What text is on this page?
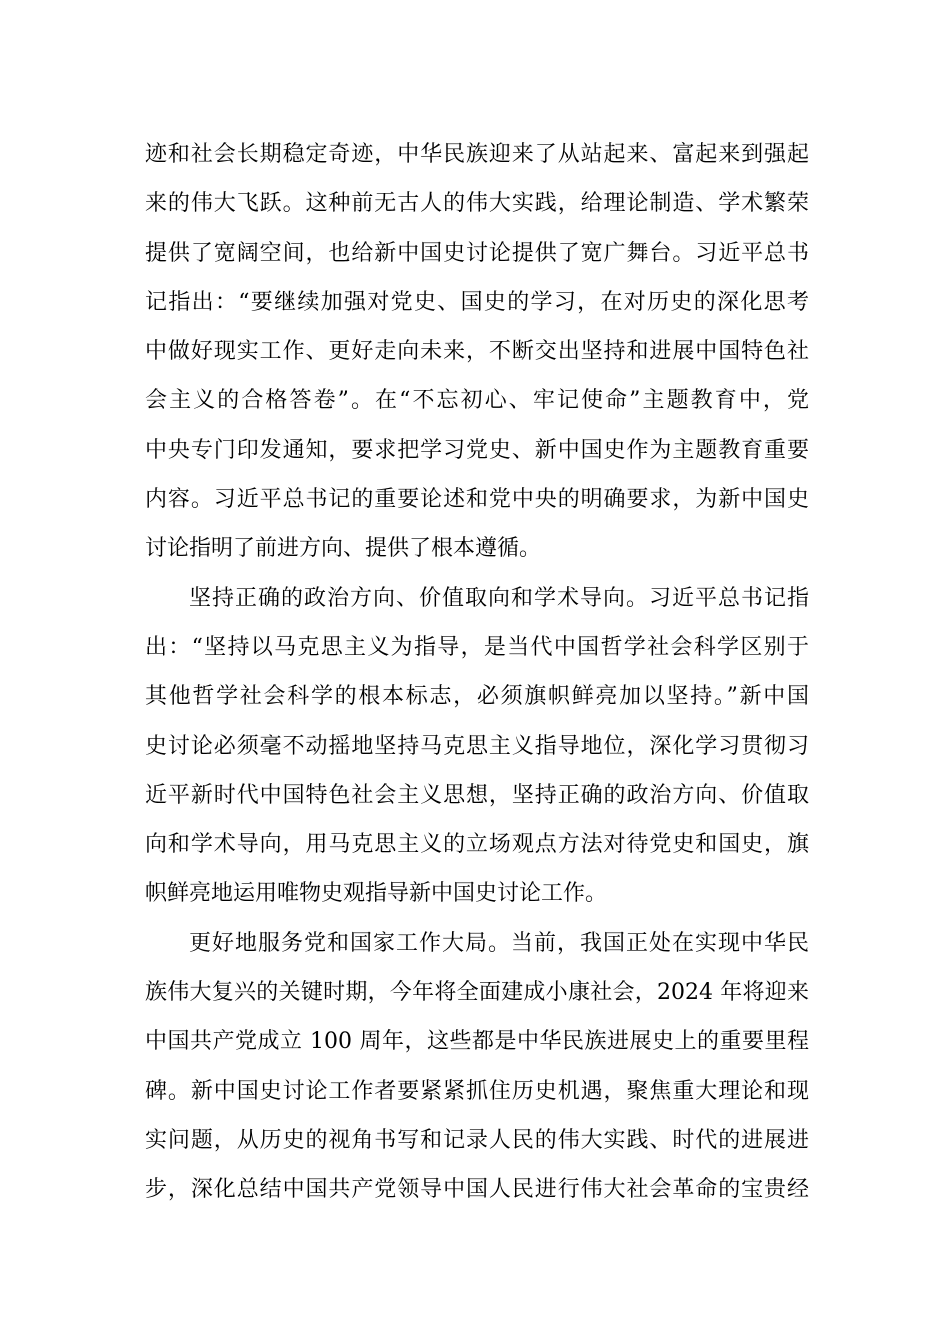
迹和社会长期稳定奇迹，中华民族迎来了从站起来、富起来到强起
来的伟大飞跃。这种前无古人的伟大实践，给理论制造、学术繁荣
提供了宽阔空间，也给新中国史讨论提供了宽广舞台。习近平总书
记指出：“要继续加强对党史、国史的学习，在对历史的深化思考
中做好现实工作、更好走向未来，不断交出坚持和进展中国特色社
会主义的合格答卷”。在“不忘初心、牢记使命”主题教育中，党
中央专门印发通知，要求把学习党史、新中国史作为主题教育重要
内容。习近平总书记的重要论述和党中央的明确要求，为新中国史
讨论指明了前进方向、提供了根本遵循。
坚持正确的政治方向、价值取向和学术导向。习近平总书记指
出：“坚持以马克思主义为指导，是当代中国哲学社会科学区别于
其他哲学社会科学的根本标志，必须旗帜鲜亮加以坚持。”新中国
史讨论必须毫不动摇地坚持马克思主义指导地位，深化学习贯彻习
近平新时代中国特色社会主义思想，坚持正确的政治方向、价值取
向和学术导向，用马克思主义的立场观点方法对待党史和国史，旗
帜鲜亮地运用唯物史观指导新中国史讨论工作。
更好地服务党和国家工作大局。当前，我国正处在实现中华民
族伟大复兴的关键时期，今年将全面建成小康社会，2024 年将迎来
中国共产党成立 100 周年，这些都是中华民族进展史上的重要里程
碑。新中国史讨论工作者要紧紧抓住历史机遇，聚焦重大理论和现
实问题，从历史的视角书写和记录人民的伟大实践、时代的进展进
步，深化总结中国共产党领导中国人民进行伟大社会革命的宝贵经
